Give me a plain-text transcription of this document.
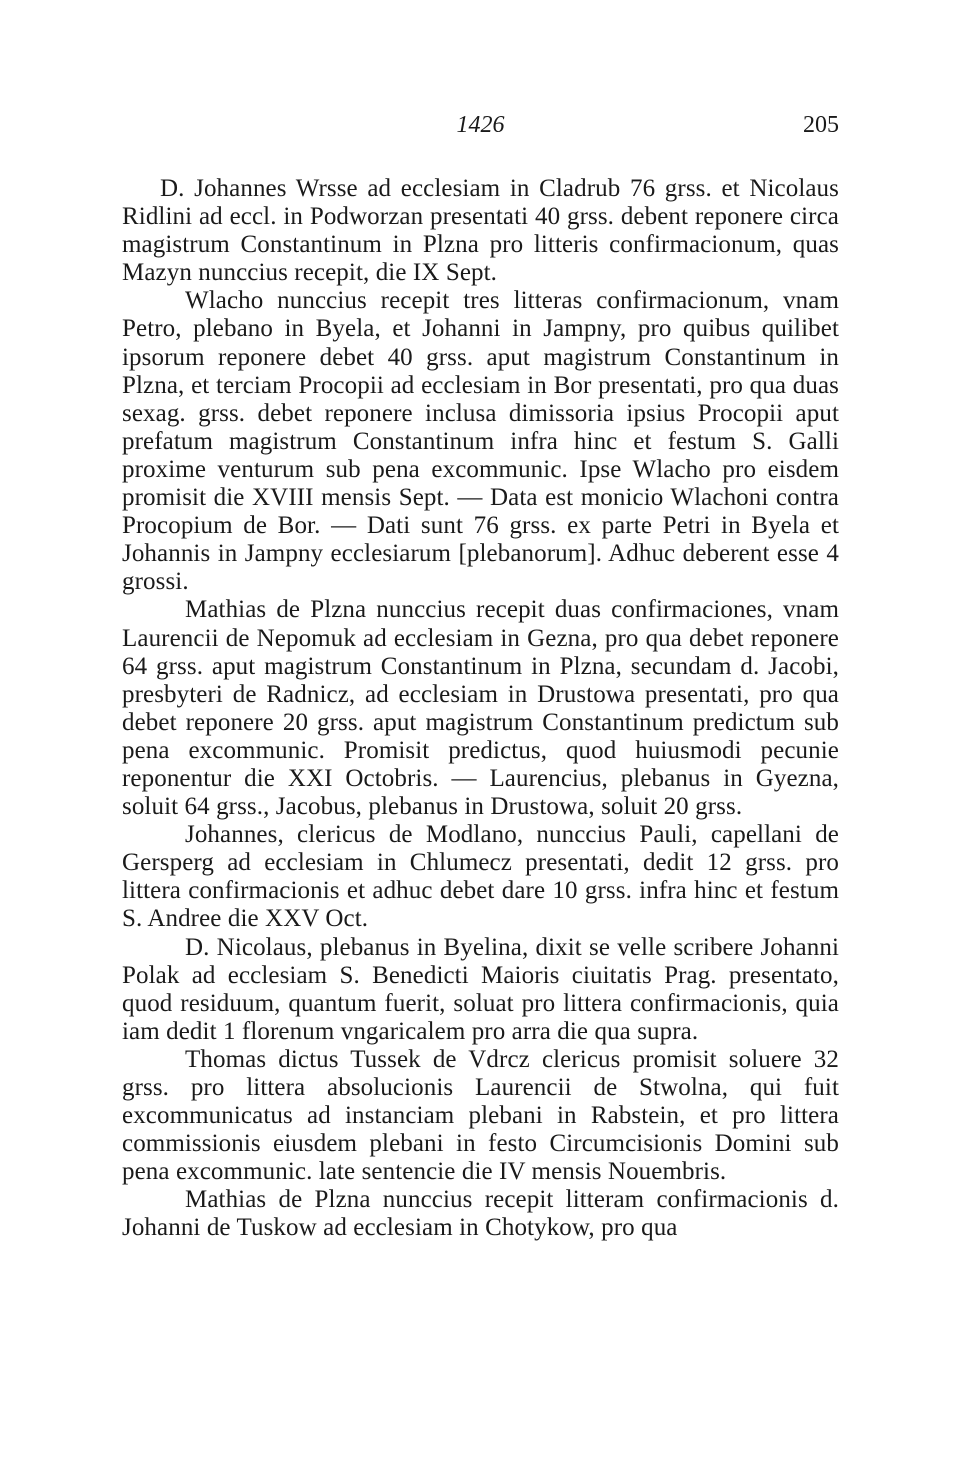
1426	205

D. Johannes Wrsse ad ecclesiam in Cladrub 76 grss. et Nicolaus Ridlini ad eccl. in Podworzan presentati 40 grss. debent reponere circa magistrum Constantinum in Plzna pro litteris confirmacionum, quas Mazyn nunccius recepit, die IX Sept.

Wlacho nunccius recepit tres litteras confirmacionum, vnam Petro, plebano in Byela, et Johanni in Jampny, pro quibus quilibet ipsorum reponere debet 40 grss. aput magistrum Constantinum in Plzna, et terciam Procopii ad ecclesiam in Bor presentati, pro qua duas sexag. grss. debet reponere inclusa dimissoria ipsius Procopii aput prefatum magistrum Constantinum infra hinc et festum S. Galli proxime venturum sub pena excommunic. Ipse Wlacho pro eisdem promisit die XVIII mensis Sept. — Data est monicio Wlachoni contra Procopium de Bor. — Dati sunt 76 grss. ex parte Petri in Byela et Johannis in Jampny ecclesiarum [plebanorum]. Adhuc deberent esse 4 grossi.

Mathias de Plzna nunccius recepit duas confirmaciones, vnam Laurencii de Nepomuk ad ecclesiam in Gezna, pro qua debet reponere 64 grss. aput magistrum Constantinum in Plzna, secundam d. Jacobi, presbyteri de Radnicz, ad ecclesiam in Drustowa presentati, pro qua debet reponere 20 grss. aput magistrum Constantinum predictum sub pena excommunic. Promisit predictus, quod huiusmodi pecunie reponentur die XXI Octobris. — Laurencius, plebanus in Gyezna, soluit 64 grss., Jacobus, plebanus in Drustowa, soluit 20 grss.

Johannes, clericus de Modlano, nunccius Pauli, capellani de Gersperg ad ecclesiam in Chlumecz presentati, dedit 12 grss. pro littera confirmacionis et adhuc debet dare 10 grss. infra hinc et festum S. Andree die XXV Oct.

D. Nicolaus, plebanus in Byelina, dixit se velle scribere Johanni Polak ad ecclesiam S. Benedicti Maioris ciuitatis Prag. presentato, quod residuum, quantum fuerit, soluat pro littera confirmacionis, quia iam dedit 1 florenum vngaricalem pro arra die qua supra.

Thomas dictus Tussek de Vdrcz clericus promisit soluere 32 grss. pro littera absolucionis Laurencii de Stwolna, qui fuit excommunicatus ad instanciam plebani in Rabstein, et pro littera commissionis eiusdem plebani in festo Circumcisionis Domini sub pena excommunic. late sentencie die IV mensis Nouembris.

Mathias de Plzna nunccius recepit litteram confirmacionis d. Johanni de Tuskow ad ecclesiam in Chotykow, pro qua
